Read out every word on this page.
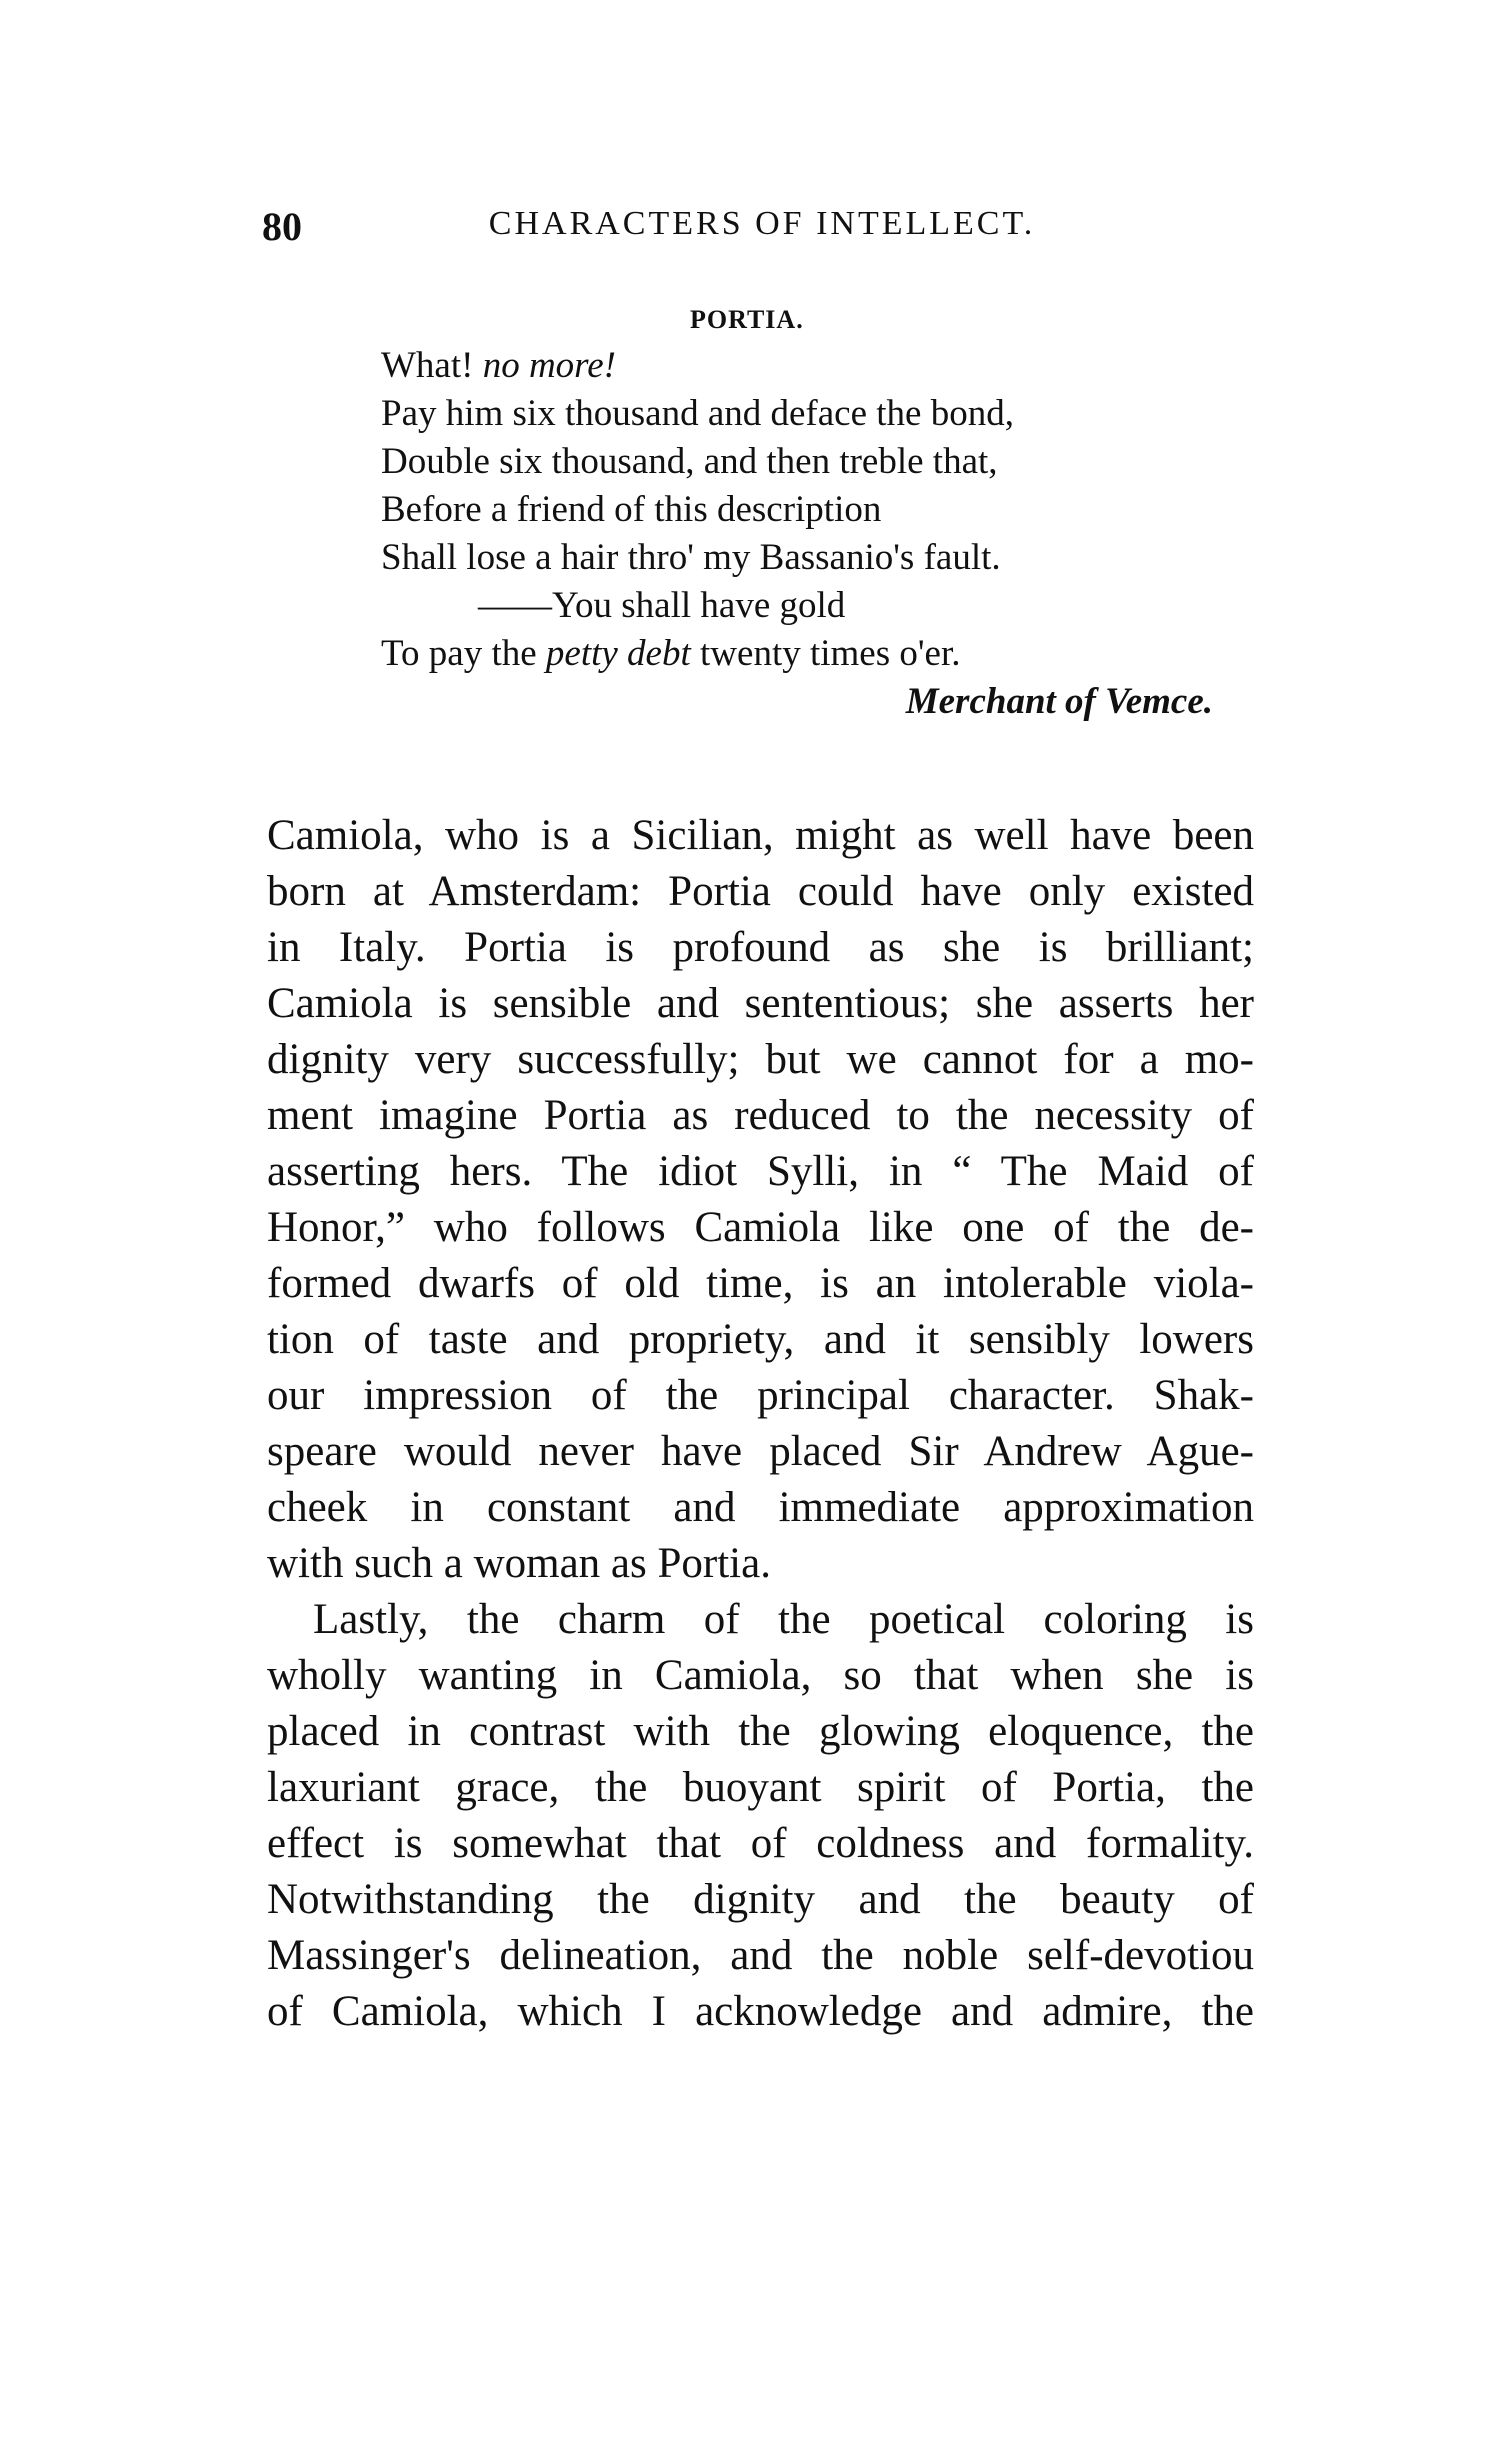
80	CHARACTERS OF INTELLECT.
PORTIA.
What! no more!
Pay him six thousand and deface the bond,
Double six thousand, and then treble that,
Before a friend of this description
Shall lose a hair thro' my Bassanio's fault.
——You shall have gold
To pay the petty debt twenty times o'er.
Merchant of Vemce.
Camiola, who is a Sicilian, might as well have been
born at Amsterdam: Portia could have only existed
in Italy. Portia is profound as she is brilliant;
Camiola is sensible and sententious; she asserts her
dignity very successfully; but we cannot for a mo-
ment imagine Portia as reduced to the necessity of
asserting hers. The idiot Sylli, in “ The Maid of
Honor,” who follows Camiola like one of the de-
formed dwarfs of old time, is an intolerable viola-
tion of taste and propriety, and it sensibly lowers
our impression of the principal character. Shak-
speare would never have placed Sir Andrew Ague-
cheek in constant and immediate approximation
with such a woman as Portia.
Lastly, the charm of the poetical coloring is
wholly wanting in Camiola, so that when she is
placed in contrast with the glowing eloquence, the
laxuriant grace, the buoyant spirit of Portia, the
effect is somewhat that of coldness and formality.
Notwithstanding the dignity and the beauty of
Massinger's delineation, and the noble self-devotiou
of Camiola, which I acknowledge and admire, the
